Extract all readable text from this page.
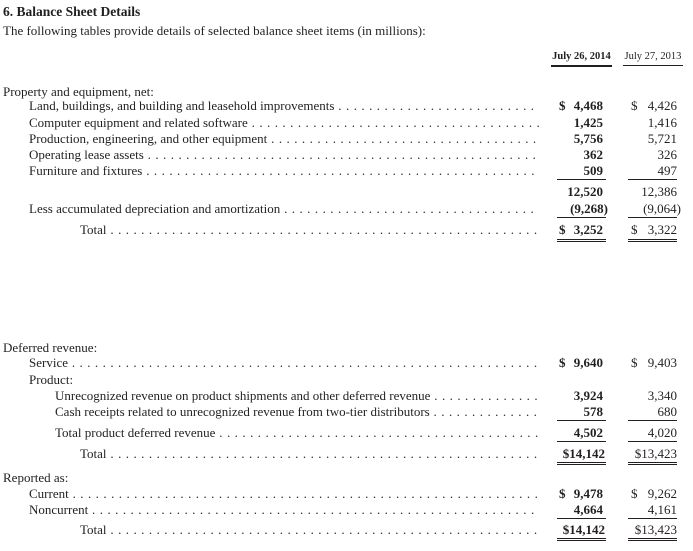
6. Balance Sheet Details
The following tables provide details of selected balance sheet items (in millions):
July 26, 2014 July 27, 2013
Property and equipment, net:
Land, buildings, and building and leasehold improvements . . .	$ 4,468 $ 4,426
Computer equipment and related software . . .	1,425	1,416
Production, engineering, and other equipment . . .	5,756	5,721
Operating lease assets . . .	362	326
Furniture and fixtures . . .	509	497
12,520	12,386
Less accumulated depreciation and amortization . . .	(9,268)	(9,064)
Total . . .	$ 3,252 $ 3,322
Deferred revenue:
Service . . .	$ 9,640 $ 9,403
Product:
Unrecognized revenue on product shipments and other deferred revenue . . .	3,924	3,340
Cash receipts related to unrecognized revenue from two-tier distributors . . .	578	680
Total product deferred revenue . . .	4,502	4,020
Total . . .	$14,142 $13,423
Reported as:
Current . . .	$ 9,478 $ 9,262
Noncurrent . . .	4,664	4,161
Total . . .	$14,142 $13,423
